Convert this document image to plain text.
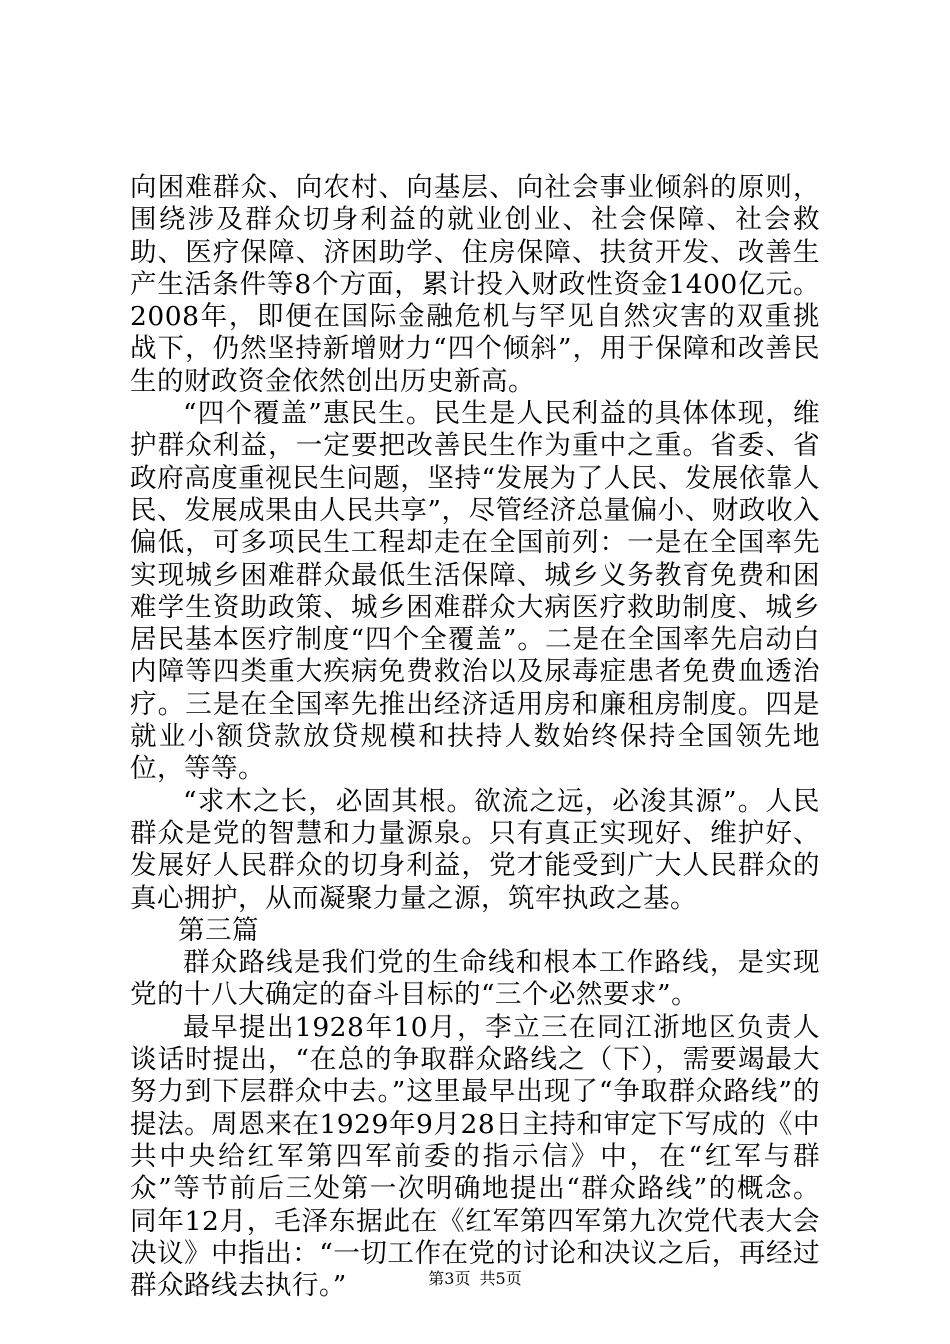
向困难群众、向农村、向基层、向社会事业倾斜的原则，围绕涉及群众切身利益的就业创业、社会保障、社会救助、医疗保障、济困助学、住房保障、扶贫开发、改善生产生活条件等8个方面，累计投入财政性资金1400亿元。2008年，即便在国际金融危机与罕见自然灾害的双重挑战下，仍然坚持新增财力“四个倾斜”，用于保障和改善民生的财政资金依然创出历史新高。

“四个覆盖”惠民生。民生是人民利益的具体体现，维护群众利益，一定要把改善民生作为重中之重。省委、省政府高度重视民生问题，坚持“发展为了人民、发展依靠人民、发展成果由人民共享”，尽管经济总量偏小、财政收入偏低，可多项民生工程却走在全国前列：一是在全国率先实现城乡困难群众最低生活保障、城乡义务教育免费和困难学生资助政策、城乡困难群众大病医疗救助制度、城乡居民基本医疗制度“四个全覆盖”。二是在全国率先启动白内障等四类重大疾病免费救治以及尿毒症患者免费血透治疗。三是在全国率先推出经济适用房和廉租房制度。四是就业小额贷款放贷规模和扶持人数始终保持全国领先地位，等等。

“求木之长，必固其根。欲流之远，必浚其源”。人民群众是党的智慧和力量源泉。只有真正实现好、维护好、发展好人民群众的切身利益，党才能受到广大人民群众的真心拥护，从而凝聚力量之源，筑牢执政之基。

第三篇

群众路线是我们党的生命线和根本工作路线，是实现党的十八大确定的奋斗目标的“三个必然要求”。

最早提出1928年10月，李立三在同江浙地区负责人谈话时提出，“在总的争取群众路线之（下），需要竭最大努力到下层群众中去。”这里最早出现了“争取群众路线”的提法。周恩来在1929年9月28日主持和审定下写成的《中共中央给红军第四军前委的指示信》中，在“红军与群众”等节前后三处第一次明确地提出“群众路线”的概念。同年12月，毛泽东据此在《红军第四军第九次党代表大会决议》中指出：“一切工作在党的讨论和决议之后，再经过群众路线去执行。”	第3页 共5页
